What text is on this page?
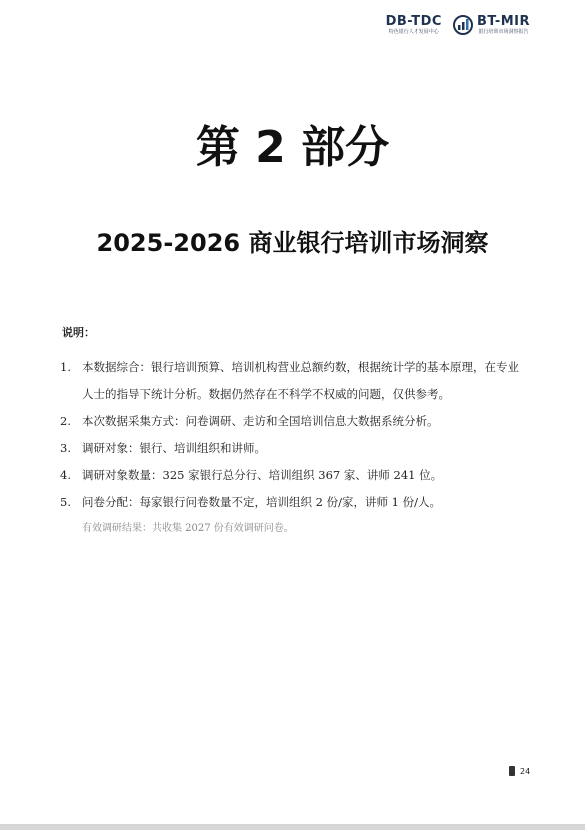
DB-TDC
特色银行人才发展中心
BT-MIR
银行培训市场洞察报告
第 2 部分
2025-2026 商业银行培训市场洞察
说明：
1. 本数据综合：银行培训预算、培训机构营业总额约数，根据统计学的基本原理，在专业人士的指导下统计分析。数据仍然存在不科学不权威的问题，仅供参考。
2. 本次数据采集方式：问卷调研、走访和全国培训信息大数据系统分析。
3. 调研对象：银行、培训组织和讲师。
4. 调研对象数量：325 家银行总分行、培训组织 367 家、讲师 241 位。
5. 问卷分配：每家银行问卷数量不定，培训组织 2 份/家，讲师 1 份/人。
有效调研结果：共收集 2027 份有效调研问卷。
24
